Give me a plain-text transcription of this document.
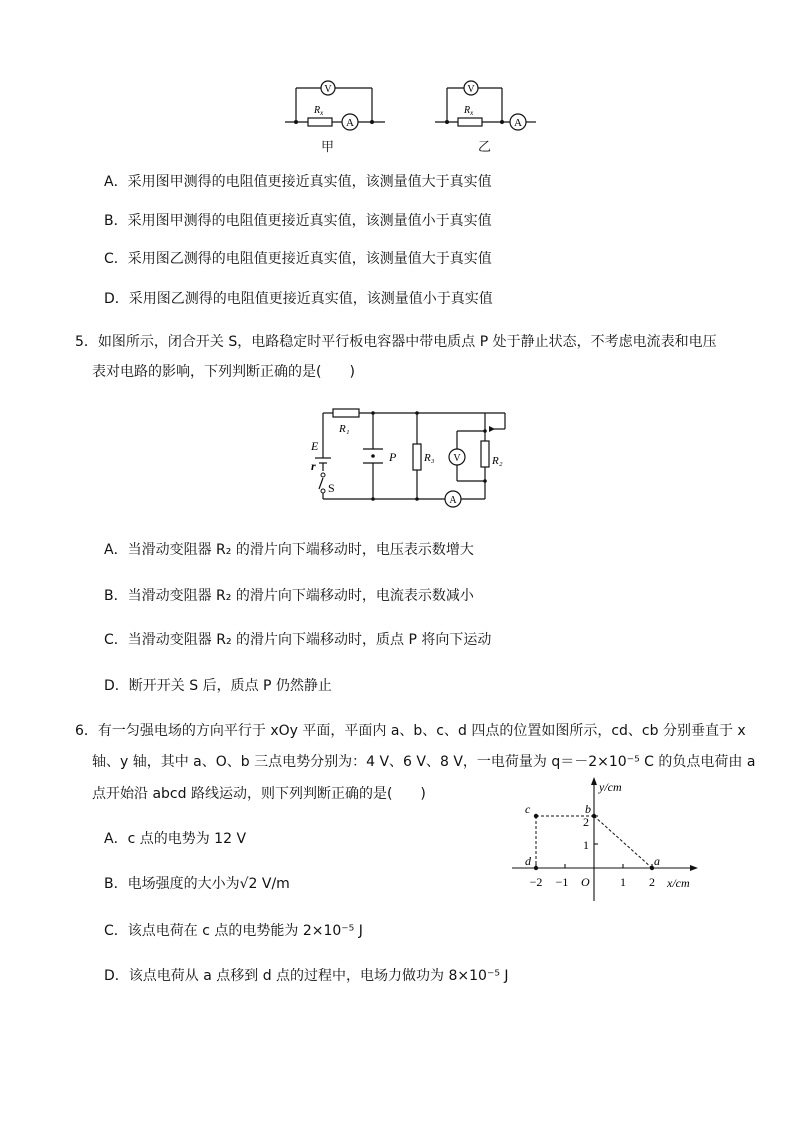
V
A
V
A
$R_x$	$R_x$
甲	乙
A．采用图甲测得的电阻值更接近真实值，该测量值大于真实值
B．采用图甲测得的电阻值更接近真实值，该测量值小于真实值
C．采用图乙测得的电阻值更接近真实值，该测量值大于真实值
D．采用图乙测得的电阻值更接近真实值，该测量值小于真实值
5．如图所示，闭合开关 S，电路稳定时平行板电容器中带电质点 P 处于静止状态，不考虑电流表和电压
表对电路的影响，下列判断正确的是(　　)
R₁
E
r
S
P	R₃	R₂
V
A
A．当滑动变阻器 R₂ 的滑片向下端移动时，电压表示数增大
B．当滑动变阻器 R₂ 的滑片向下端移动时，电流表示数减小
C．当滑动变阻器 R₂ 的滑片向下端移动时，质点 P 将向下运动
D．断开开关 S 后，质点 P 仍然静止
6．有一匀强电场的方向平行于 xOy 平面，平面内 a、b、c、d 四点的位置如图所示，cd、cb 分别垂直于 x
轴、y 轴，其中 a、O、b 三点电势分别为：4 V、6 V、8 V，一电荷量为 q＝－2×10⁻⁵ C 的负点电荷由 a
点开始沿 abcd 路线运动，则下列判断正确的是(　　)
A．c 点的电势为 12 V
B．电场强度的大小为√2 V/m
C．该点电荷在 c 点的电势能为 2×10⁻⁵ J
D．该点电荷从 a 点移到 d 点的过程中，电场力做功为 8×10⁻⁵ J
y/cm
x/cm
O
−2 −1	1 2
1
2
a
b
c
d
